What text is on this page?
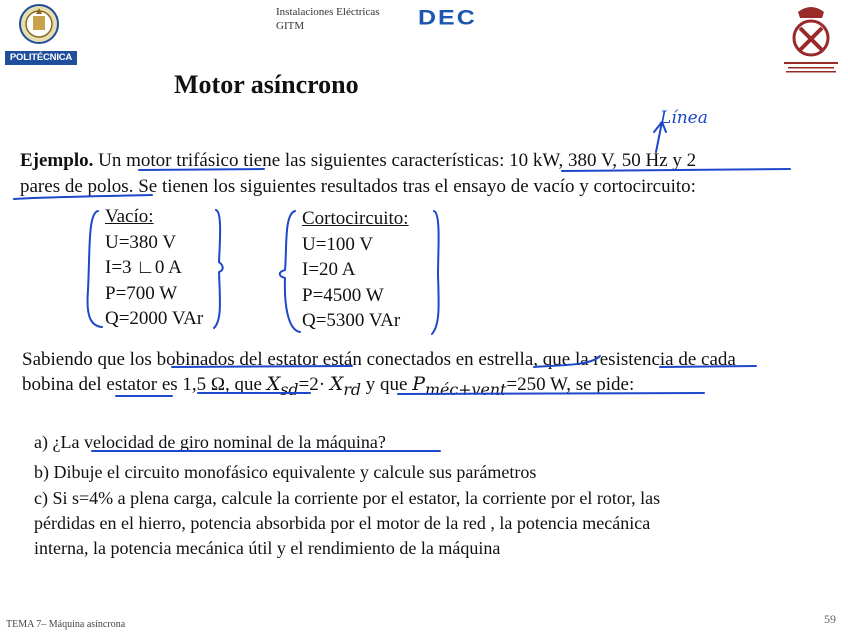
POLITÉCNICA
Instalaciones Eléctricas
GITM	DEC
Motor asíncrono
Línea
Ejemplo. Un motor trifásico tiene las siguientes características: 10 kW, 380 V, 50 Hz y 2
pares de polos. Se tienen los siguientes resultados tras el ensayo de vacío y cortocircuito:
Vacío:
U=380 V
I=3 ∟0 A
P=700 W
Q=2000 VAr
Cortocircuito:
U=100 V
I=20 A
P=4500 W
Q=5300 VAr
Sabiendo que los bobinados del estator están conectados en estrella, que la resistencia de cada
bobina del estator es 1,5 Ω, que $X_{sd}=2\cdot X_{rd}$ y que $P_{méc+vent}=250$ W, se pide:
a) ¿La velocidad de giro nominal de la máquina?
b) Dibuje el circuito monofásico equivalente y calcule sus parámetros
c) Si s=4% a plena carga, calcule la corriente por el estator, la corriente por el rotor, las
pérdidas en el hierro, potencia absorbida por el motor de la red , la potencia mecánica
interna, la potencia mecánica útil y el rendimiento de la máquina
TEMA 7– Máquina asíncrona	59
